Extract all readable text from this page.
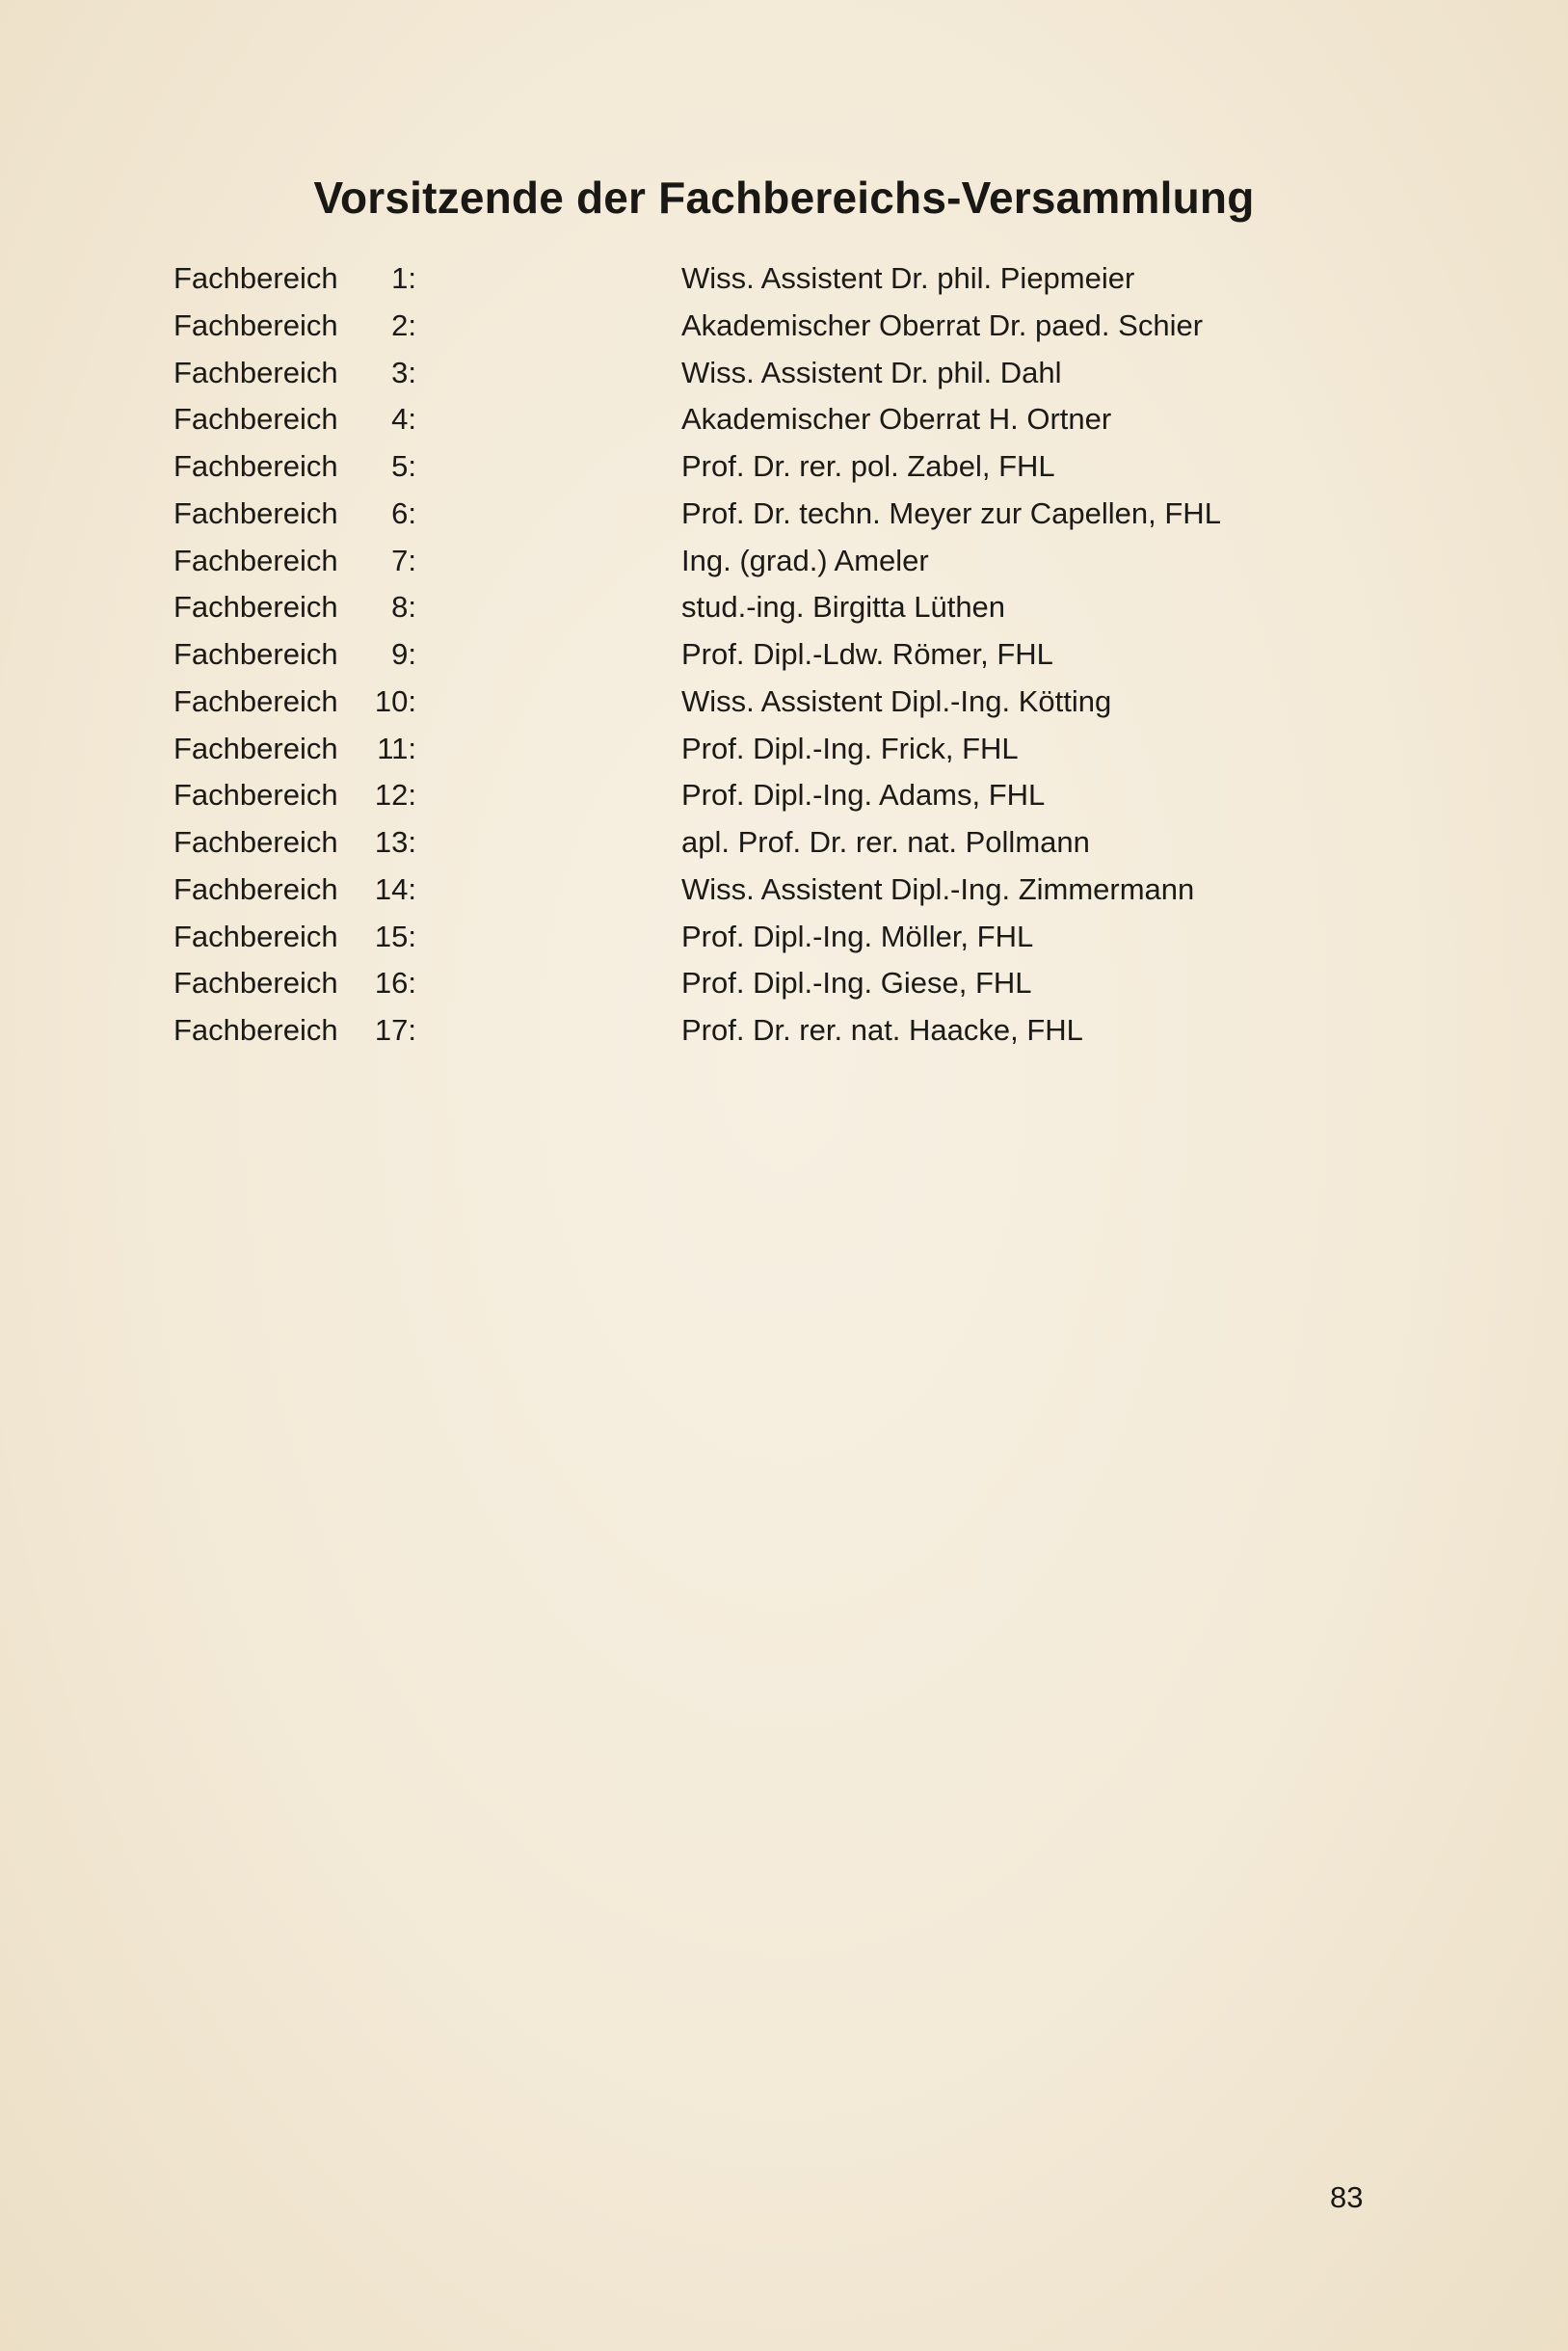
Vorsitzende der Fachbereichs-Versammlung
Fachbereich	1:	Wiss. Assistent Dr. phil. Piepmeier
Fachbereich	2:	Akademischer Oberrat Dr. paed. Schier
Fachbereich	3:	Wiss. Assistent Dr. phil. Dahl
Fachbereich	4:	Akademischer Oberrat H. Ortner
Fachbereich	5:	Prof. Dr. rer. pol. Zabel, FHL
Fachbereich	6:	Prof. Dr. techn. Meyer zur Capellen, FHL
Fachbereich	7:	Ing. (grad.) Ameler
Fachbereich	8:	stud.-ing. Birgitta Lüthen
Fachbereich	9:	Prof. Dipl.-Ldw. Römer, FHL
Fachbereich	10:	Wiss. Assistent Dipl.-Ing. Kötting
Fachbereich	11:	Prof. Dipl.-Ing. Frick, FHL
Fachbereich	12:	Prof. Dipl.-Ing. Adams, FHL
Fachbereich	13:	apl. Prof. Dr. rer. nat. Pollmann
Fachbereich	14:	Wiss. Assistent Dipl.-Ing. Zimmermann
Fachbereich	15:	Prof. Dipl.-Ing. Möller, FHL
Fachbereich	16:	Prof. Dipl.-Ing. Giese, FHL
Fachbereich	17:	Prof. Dr. rer. nat. Haacke, FHL
83
